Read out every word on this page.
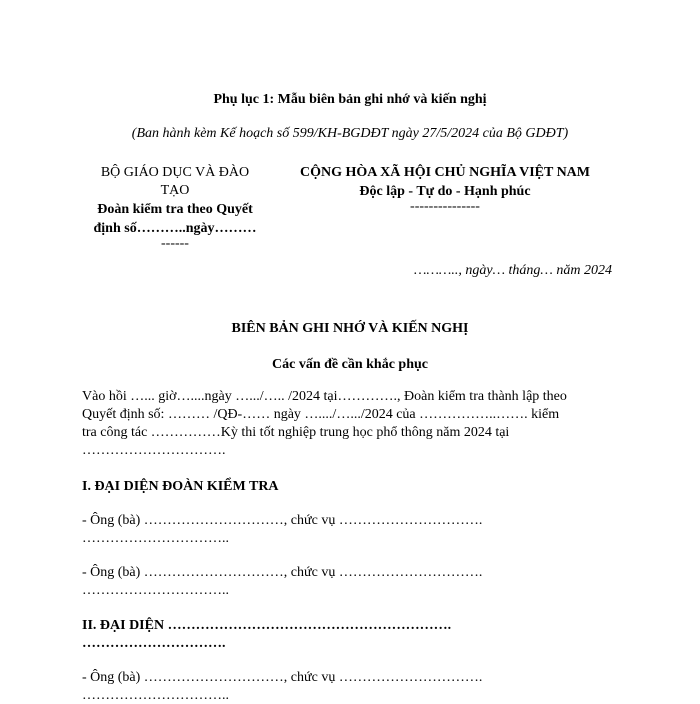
Phụ lục 1: Mẫu biên bản ghi nhớ và kiến nghị
(Ban hành kèm Kế hoạch số 599/KH-BGDĐT ngày 27/5/2024 của Bộ GDĐT)
BỘ GIÁO DỤC VÀ ĐÀO
TẠO
Đoàn kiểm tra theo Quyết
định số………..ngày………
------
CỘNG HÒA XÃ HỘI CHỦ NGHĨA VIỆT NAM
Độc lập - Tự do - Hạnh phúc
---------------
……….., ngày… tháng… năm 2024
BIÊN BẢN GHI NHỚ VÀ KIẾN NGHỊ
Các vấn đề cần khắc phục
Vào hồi …... giờ…....ngày ….../….. /2024 tại…………., Đoàn kiểm tra thành lập theo
Quyết định số: ……… /QĐ-…… ngày …..../….../2024 của ……………..……. kiểm
tra công tác ……………Kỳ thi tốt nghiệp trung học phổ thông năm 2024 tại
………………………….
I. ĐẠI DIỆN ĐOÀN KIỂM TRA
- Ông (bà) …………………………, chức vụ ………………………….
…………………………..
- Ông (bà) …………………………, chức vụ ………………………….
…………………………..
II. ĐẠI DIỆN …………………………………………………….
………………………….
- Ông (bà) …………………………, chức vụ ………………………….
…………………………..
